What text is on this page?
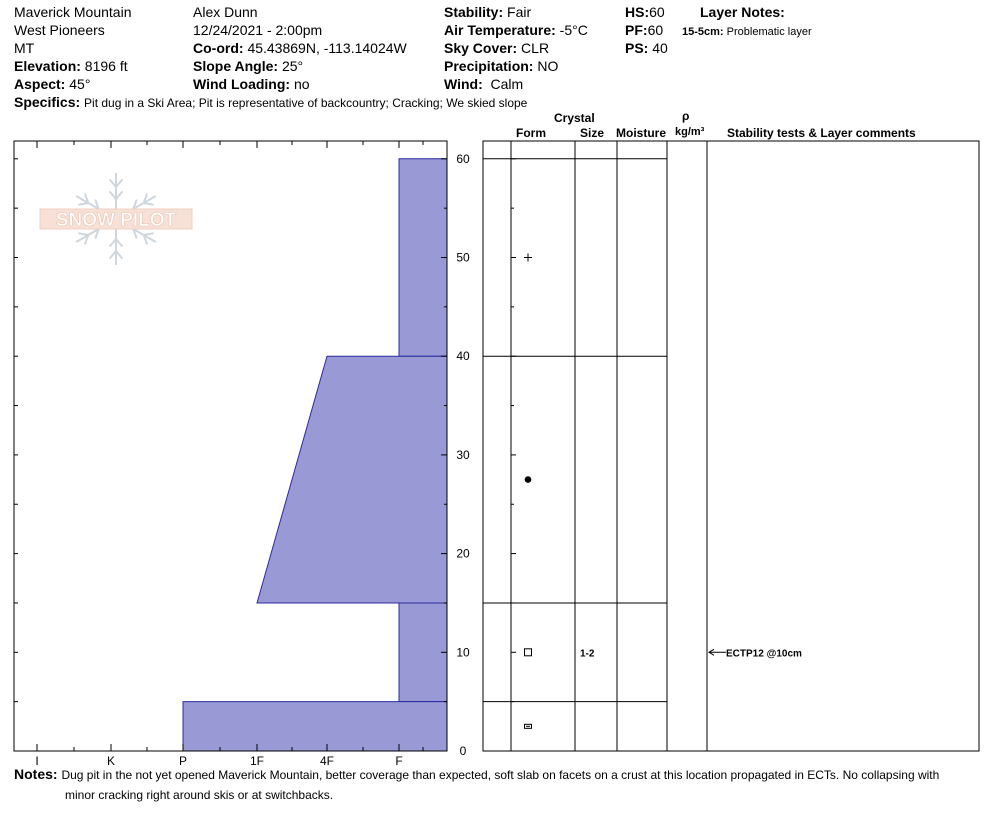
Maverick Mountain
West Pioneers
MT
Elevation: 8196 ft
Aspect: 45°
Alex Dunn
12/24/2021 - 2:00pm
Co-ord: 45.43869N, -113.14024W
Slope Angle: 25°
Wind Loading: no
Stability: Fair
Air Temperature: -5°C
Sky Cover: CLR
Precipitation: NO
Wind: Calm
HS:60
PF:60
PS: 40
Layer Notes:
15-5cm: Problematic layer
Specifics: Pit dug in a Ski Area; Pit is representative of backcountry; Cracking; We skied slope
Crystal
Form	Size Moisture
ρ
kg/m³ Stability tests & Layer comments
SNOW PILOT
I	K	P	1F	4F	F
0
10
20
30
40
50
60
1-2	ECTP12 @10cm
Notes: Dug pit in the not yet opened Maverick Mountain, better coverage than expected, soft slab on facets on a crust at this location propagated in ECTs. No collapsing with
minor cracking right around skis or at switchbacks.
